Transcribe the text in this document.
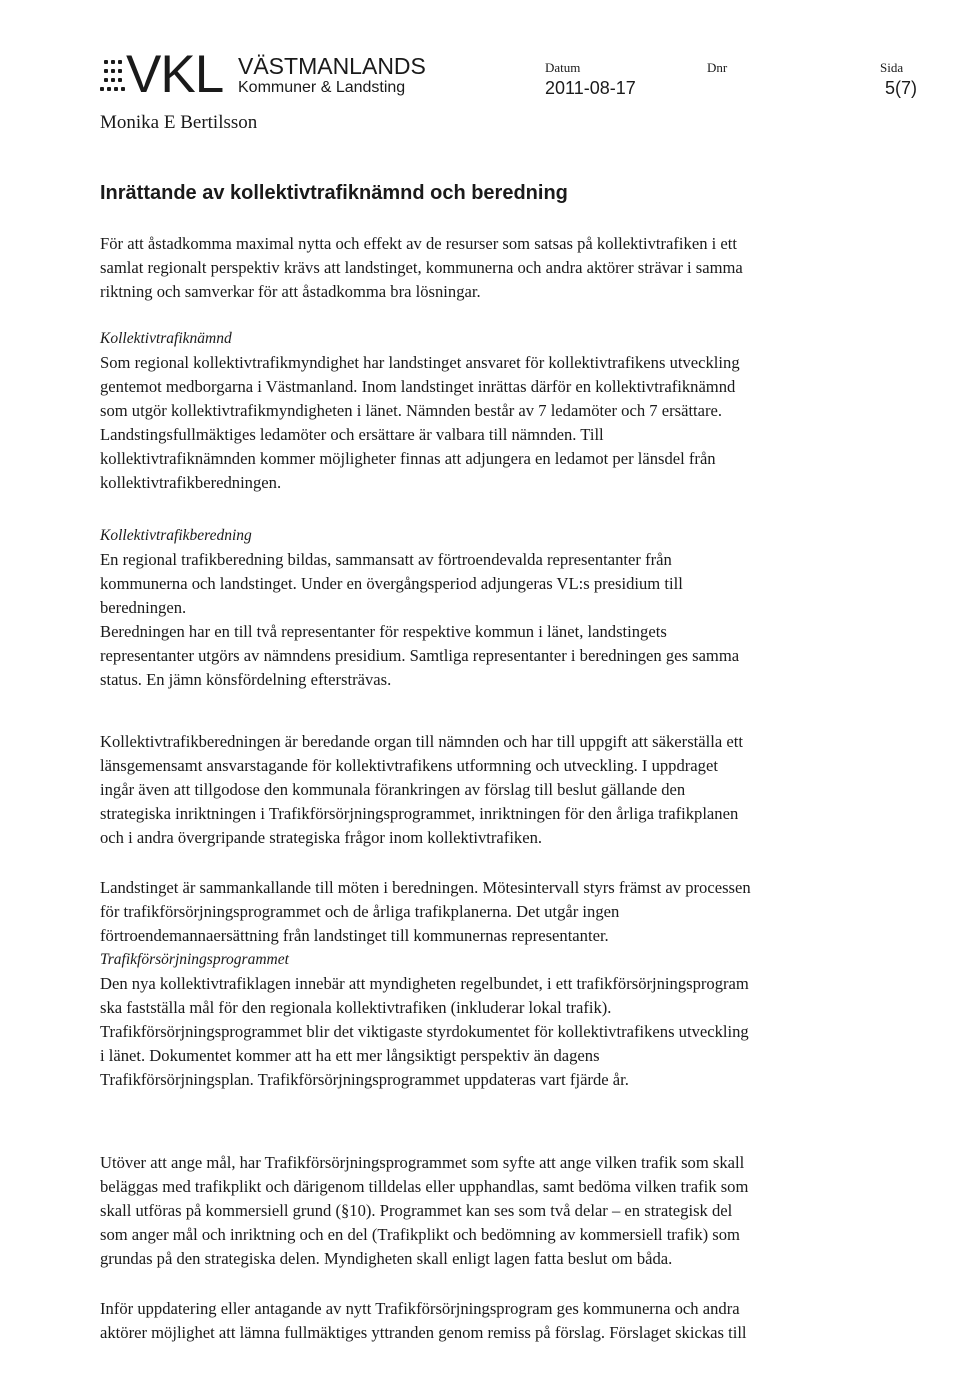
VKL VÄSTMANLANDS
Kommuner & Landsting
Monika E Bertilsson
Datum	Dnr	Sida
2011-08-17	5(7)
Inrättande av kollektivtrafiknämnd och beredning
För att åstadkomma maximal nytta och effekt av de resurser som satsas på kollektivtrafiken i ett
samlat regionalt perspektiv krävs att landstinget, kommunerna och andra aktörer strävar i samma
riktning och samverkar för att åstadkomma bra lösningar.
Kollektivtrafiknämnd
Som regional kollektivtrafikmyndighet har landstinget ansvaret för kollektivtrafikens utveckling
gentemot medborgarna i Västmanland. Inom landstinget inrättas därför en kollektivtrafiknämnd
som utgör kollektivtrafikmyndigheten i länet. Nämnden består av 7 ledamöter och 7 ersättare.
Landstingsfullmäktiges ledamöter och ersättare är valbara till nämnden. Till
kollektivtrafiknämnden kommer möjligheter finnas att adjungera en ledamot per länsdel från
kollektivtrafikberedningen.
Kollektivtrafikberedning
En regional trafikberedning bildas, sammansatt av förtroendevalda representanter från
kommunerna och landstinget. Under en övergångsperiod adjungeras VL:s presidium till
beredningen.
Beredningen har en till två representanter för respektive kommun i länet, landstingets
representanter utgörs av nämndens presidium. Samtliga representanter i beredningen ges samma
status. En jämn könsfördelning eftersträvas.
Kollektivtrafikberedningen är beredande organ till nämnden och har till uppgift att säkerställa ett
länsgemensamt ansvarstagande för kollektivtrafikens utformning och utveckling. I uppdraget
ingår även att tillgodose den kommunala förankringen av förslag till beslut gällande den
strategiska inriktningen i Trafikförsörjningsprogrammet, inriktningen för den årliga trafikplanen
och i andra övergripande strategiska frågor inom kollektivtrafiken.
Landstinget är sammankallande till möten i beredningen. Mötesintervall styrs främst av processen
för trafikförsörjningsprogrammet och de årliga trafikplanerna. Det utgår ingen
förtroendemannaersättning från landstinget till kommunernas representanter.
Trafikförsörjningsprogrammet
Den nya kollektivtrafiklagen innebär att myndigheten regelbundet, i ett trafikförsörjningsprogram
ska fastställa mål för den regionala kollektivtrafiken (inkluderar lokal trafik).
Trafikförsörjningsprogrammet blir det viktigaste styrdokumentet för kollektivtrafikens utveckling
i länet. Dokumentet kommer att ha ett mer långsiktigt perspektiv än dagens
Trafikförsörjningsplan. Trafikförsörjningsprogrammet uppdateras vart fjärde år.
Utöver att ange mål, har Trafikförsörjningsprogrammet som syfte att ange vilken trafik som skall
beläggas med trafikplikt och därigenom tilldelas eller upphandlas, samt bedöma vilken trafik som
skall utföras på kommersiell grund (§10). Programmet kan ses som två delar – en strategisk del
som anger mål och inriktning och en del (Trafikplikt och bedömning av kommersiell trafik) som
grundas på den strategiska delen. Myndigheten skall enligt lagen fatta beslut om båda.
Inför uppdatering eller antagande av nytt Trafikförsörjningsprogram ges kommunerna och andra
aktörer möjlighet att lämna fullmäktiges yttranden genom remiss på förslag. Förslaget skickas till
